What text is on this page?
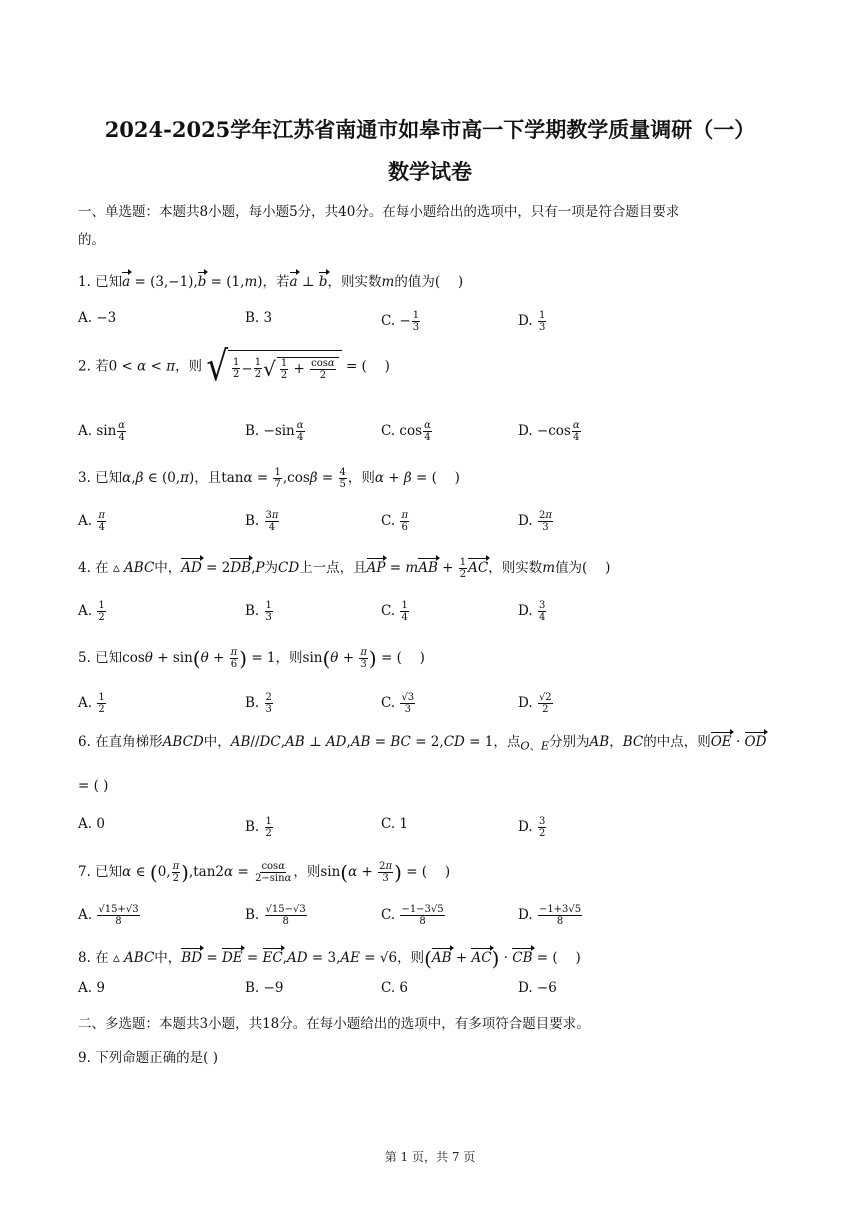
2024-2025学年江苏省南通市如皋市高一下学期教学质量调研（一）
数学试卷
一、单选题：本题共8小题，每小题5分，共40分。在每小题给出的选项中，只有一项是符合题目要求
的。
1. 已知a = (3,−1),b = (1,m)，若a ⊥ b，则实数m的值为(　 )
A. −3	B. 3	C. − $\frac{1}{3}$	D. $\frac{1}{3}$
2. 若0 < α < π，则 √ $\frac{1}{2} - \frac{1}{2}$ √ $\frac{1}{2} + \frac{\cos\alpha}{2}$ = (　 )
A. $\sin \frac{\alpha}{4}$	B. $-\sin \frac{\alpha}{4}$	C. $\cos \frac{\alpha}{4}$	D. $-\cos \frac{\alpha}{4}$
3. 已知α,β ∈ (0,π)，且$\tan\alpha = \frac{1}{7} ,\cos\beta = \frac{4}{5}$ ，则α + β = (　 )
A. $\frac{\pi}{4}$	B. $\frac{3\pi}{4}$	C. $\frac{\pi}{6}$	D. $\frac{2\pi}{3}$
4. 在 ▵ ABC中，AD = 2DB,P为CD上一点，且AP = mAB + $\frac{1}{2}$ AC，则实数m值为(　 )
A. $\frac{1}{2}$	B. $\frac{1}{3}$	C. $\frac{1}{4}$	D. $\frac{3}{4}$
5. 已知$\cos\theta + \sin(\theta + \frac{\pi}{6}$ ) = 1，则$\sin(\theta + \frac{\pi}{3}$ ) = (　 )
A. $\frac{1}{2}$	B. $\frac{2}{3}$	C. $\frac{√3}{3}$	D. $\frac{√2}{2}$
6. 在直角梯形ABCD中，AB//DC,AB ⊥ AD,AB = BC = 2,CD = 1，点$_{O、E}$分别为AB，BC的中点，则OE · OD
= ( )
A. 0	B. $\frac{1}{2}$	C. 1	D. $\frac{3}{2}$
7. 已知α ∈ (0, $\frac{\pi}{2} ),\tan 2\alpha = \frac{\cos\alpha}{2-\sin\alpha}$ ，则$\sin(\alpha + \frac{2\pi}{3}$ ) = (　 )
A. $\frac{√15+√3}{8}$	B. $\frac{√15-√3}{8}$	C. $\frac{-1-3√5}{8}$	D. $\frac{-1+3√5}{8}$
8. 在 ▵ ABC中，BD = DE = EC,AD = 3,AE = √6，则(AB + AC) · CB = (　 )
A. 9	B. −9	C. 6	D. −6
二、多选题：本题共3小题，共18分。在每小题给出的选项中，有多项符合题目要求。
9. 下列命题正确的是( )
第 1 页，共 7 页
